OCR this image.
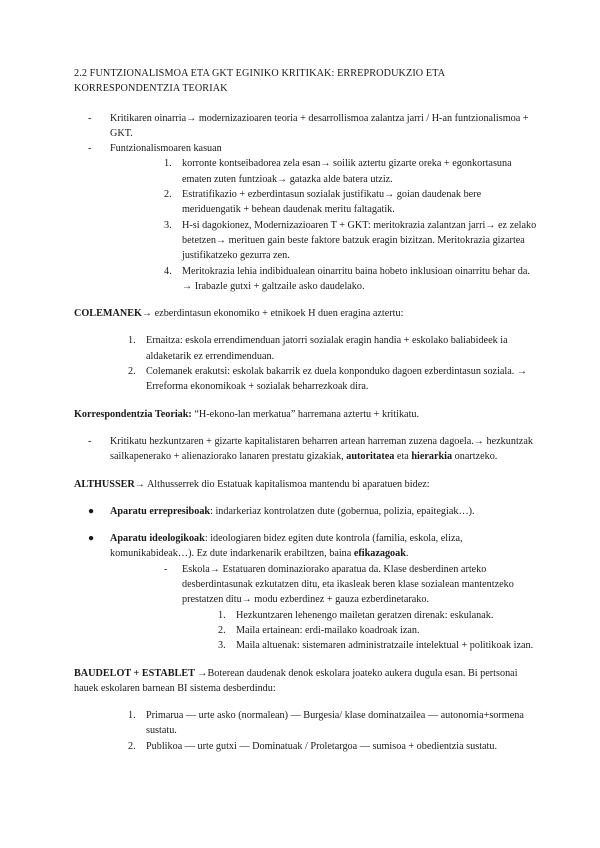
2.2 FUNTZIONALISMOA ETA GKT EGINIKO KRITIKAK: ERREPRODUKZIO ETA KORRESPONDENTZIA TEORIAK

- Kritikaren oinarria→ modernizazioaren teoria + desarrollismoa zalantza jarri / H-an funtzionalismoa + GKT.
- Funtzionalismoaren kasuan
1. korronte kontseibadorea zela esan→ soilik aztertu gizarte oreka + egonkortasuna ematen zuten funtzioak→ gatazka alde batera utziz.
2. Estratifikazio + ezberdintasun sozialak justifikatu→ goian daudenak bere meriduengatik + behean daudenak meritu faltagatik.
3. H-si dagokionez, Modernizazioaren T + GKT: meritokrazia zalantzan jarri→ ez zelako betetzen→ merituen gain beste faktore batzuk eragin bizitzan. Meritokrazia gizartea justifikatzeko gezurra zen.
4. Meritokrazia lehia indibidualean oinarritu baina hobeto inklusioan oinarritu behar da. → Irabazle gutxi + galtzaile asko daudelako.

COLEMANEK→ ezberdintasun ekonomiko + etnikoek H duen eragina aztertu:

1. Ernaitza: eskola errendimenduan jatorri sozialak eragin handia + eskolako baliabideek ia aldaketarik ez errendimenduan.
2. Colemanek erakutsi: eskolak bakarrik ez duela konponduko dagoen ezberdintasun soziala. → Erreforma ekonomikoak + sozialak beharrezkoak dira.

Korrespondentzia Teoriak: “H-ekono-lan merkatua” harremana aztertu + kritikatu.

- Kritikatu hezkuntzaren + gizarte kapitalistaren beharren artean harreman zuzena dagoela.→ hezkuntzak sailkapenerako + alienaziorako lanaren prestatu gizakiak, autoritatea eta hierarkia onartzeko.

ALTHUSSER→ Althusserrek dio Estatuak kapitalismoa mantendu bi aparatuen bidez:

● Aparatu errepresiboak: indarkeriaz kontrolatzen dute (gobernua, polizia, epaitegiak…).
● Aparatu ideologikoak: ideologiaren bidez egiten dute kontrola (familia, eskola, eliza, komunikabideak…). Ez dute indarkenarik erabiltzen, baina efikazagoak.
- Eskola→ Estatuaren dominaziorako aparatua da. Klase desberdinen arteko desberdintasunak ezkutatzen ditu, eta ikasleak beren klase sozialean mantentzeko prestatzen ditu→ modu ezberdinez + gauza ezberdinetarako.
1. Hezkuntzaren lehenengo mailetan geratzen direnak: eskulanak.
2. Maila ertainean: erdi-mailako koadroak izan.
3. Maila altuenak: sistemaren administratzaile intelektual + politikoak izan.

BAUDELOT + ESTABLET →Boterean daudenak denok eskolara joateko aukera dugula esan. Bi pertsonai hauek eskolaren barnean BI sistema desberdindu:

1. Primarua — urte asko (normalean) — Burgesia/ klase dominatzailea — autonomia+sormena sustatu.
2. Publikoa — urte gutxi — Dominatuak / Proletargoa — sumisoa + obedientzia sustatu.
